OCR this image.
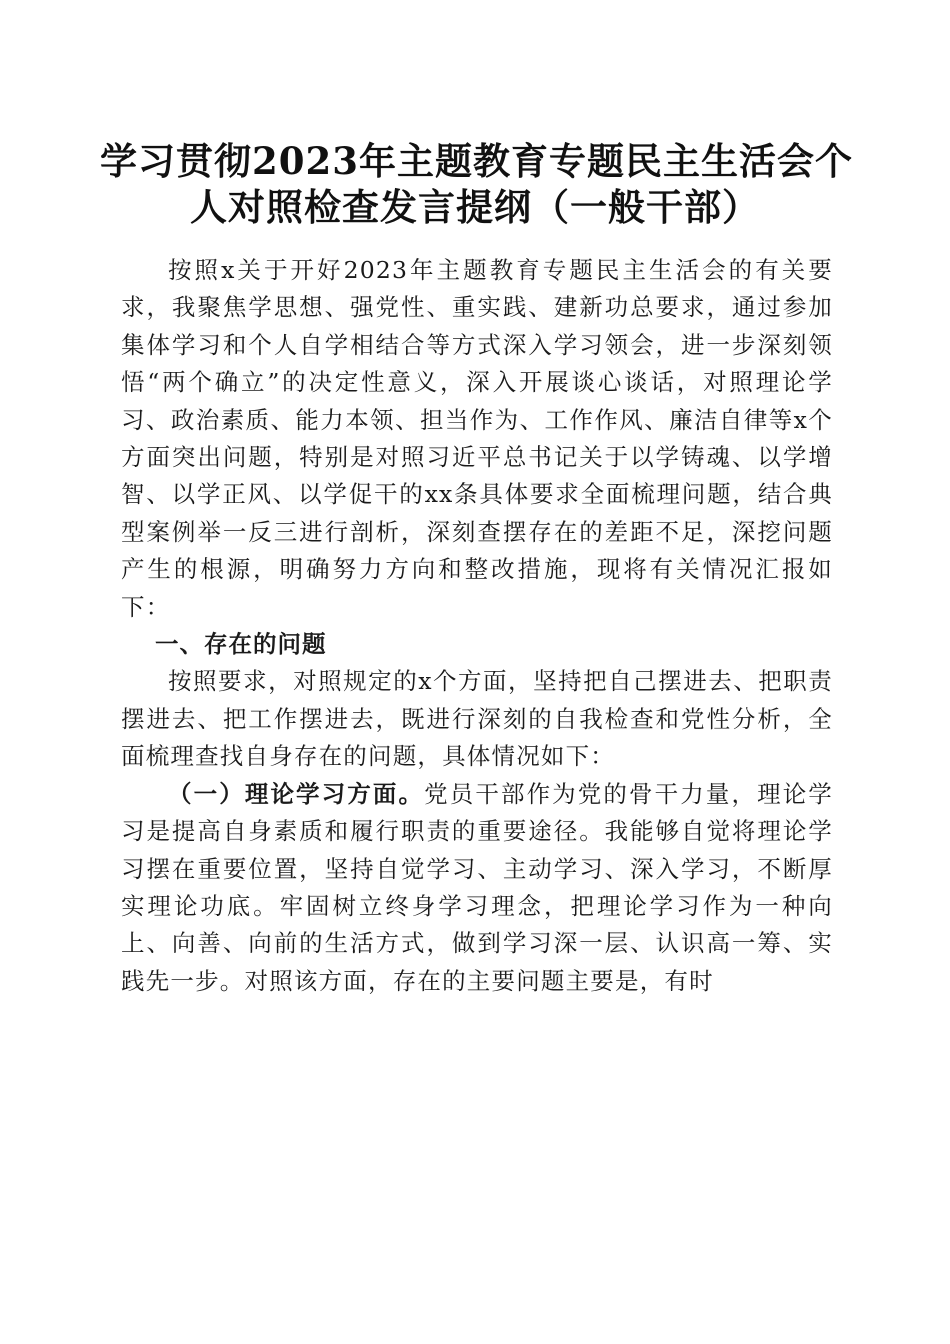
学习贯彻2023年主题教育专题民主生活会个
人对照检查发言提纲（一般干部）

按照x关于开好2023年主题教育专题民主生活会的有关要求，我聚焦学思想、强党性、重实践、建新功总要求，通过参加集体学习和个人自学相结合等方式深入学习领会，进一步深刻领悟“两个确立”的决定性意义，深入开展谈心谈话，对照理论学习、政治素质、能力本领、担当作为、工作作风、廉洁自律等x个方面突出问题，特别是对照习近平总书记关于以学铸魂、以学增智、以学正风、以学促干的xx条具体要求全面梳理问题，结合典型案例举一反三进行剖析，深刻查摆存在的差距不足，深挖问题产生的根源，明确努力方向和整改措施，现将有关情况汇报如下：

一、存在的问题

按照要求，对照规定的x个方面，坚持把自己摆进去、把职责摆进去、把工作摆进去，既进行深刻的自我检查和党性分析，全面梳理查找自身存在的问题，具体情况如下：

（一）理论学习方面。党员干部作为党的骨干力量，理论学习是提高自身素质和履行职责的重要途径。我能够自觉将理论学习摆在重要位置，坚持自觉学习、主动学习、深入学习，不断厚实理论功底。牢固树立终身学习理念，把理论学习作为一种向上、向善、向前的生活方式，做到学习深一层、认识高一筹、实践先一步。对照该方面，存在的主要问题主要是，有时
